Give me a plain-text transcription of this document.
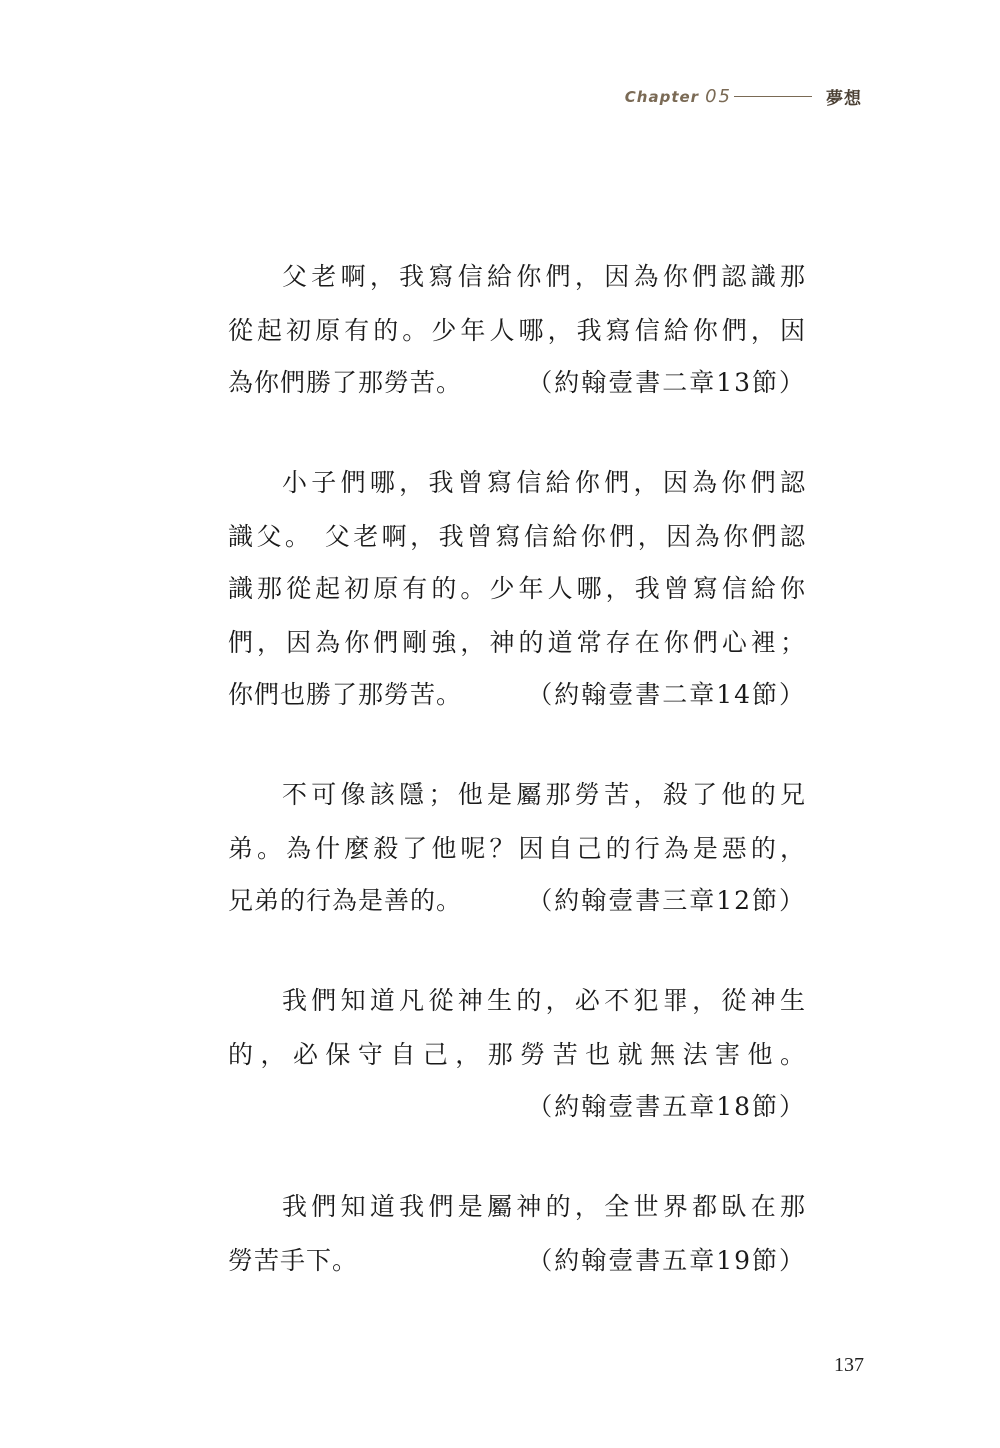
Chapter 05	夢想
父老啊，我寫信給你們，因為你們認識那
從起初原有的。少年人哪，我寫信給你們，因
為你們勝了那勞苦。	（約翰壹書二章13節）
小子們哪，我曾寫信給你們，因為你們認
識父。 父老啊，我曾寫信給你們，因為你們認
識那從起初原有的。少年人哪，我曾寫信給你
們，因為你們剛強，神的道常存在你們心裡；
你們也勝了那勞苦。	（約翰壹書二章14節）
不可像該隱；他是屬那勞苦，殺了他的兄
弟。為什麼殺了他呢？因自己的行為是惡的，
兄弟的行為是善的。	（約翰壹書三章12節）
我們知道凡從神生的，必不犯罪，從神生
的，必保守自己，那勞苦也就無法害他。
（約翰壹書五章18節）
我們知道我們是屬神的，全世界都臥在那
勞苦手下。	（約翰壹書五章19節）
137
